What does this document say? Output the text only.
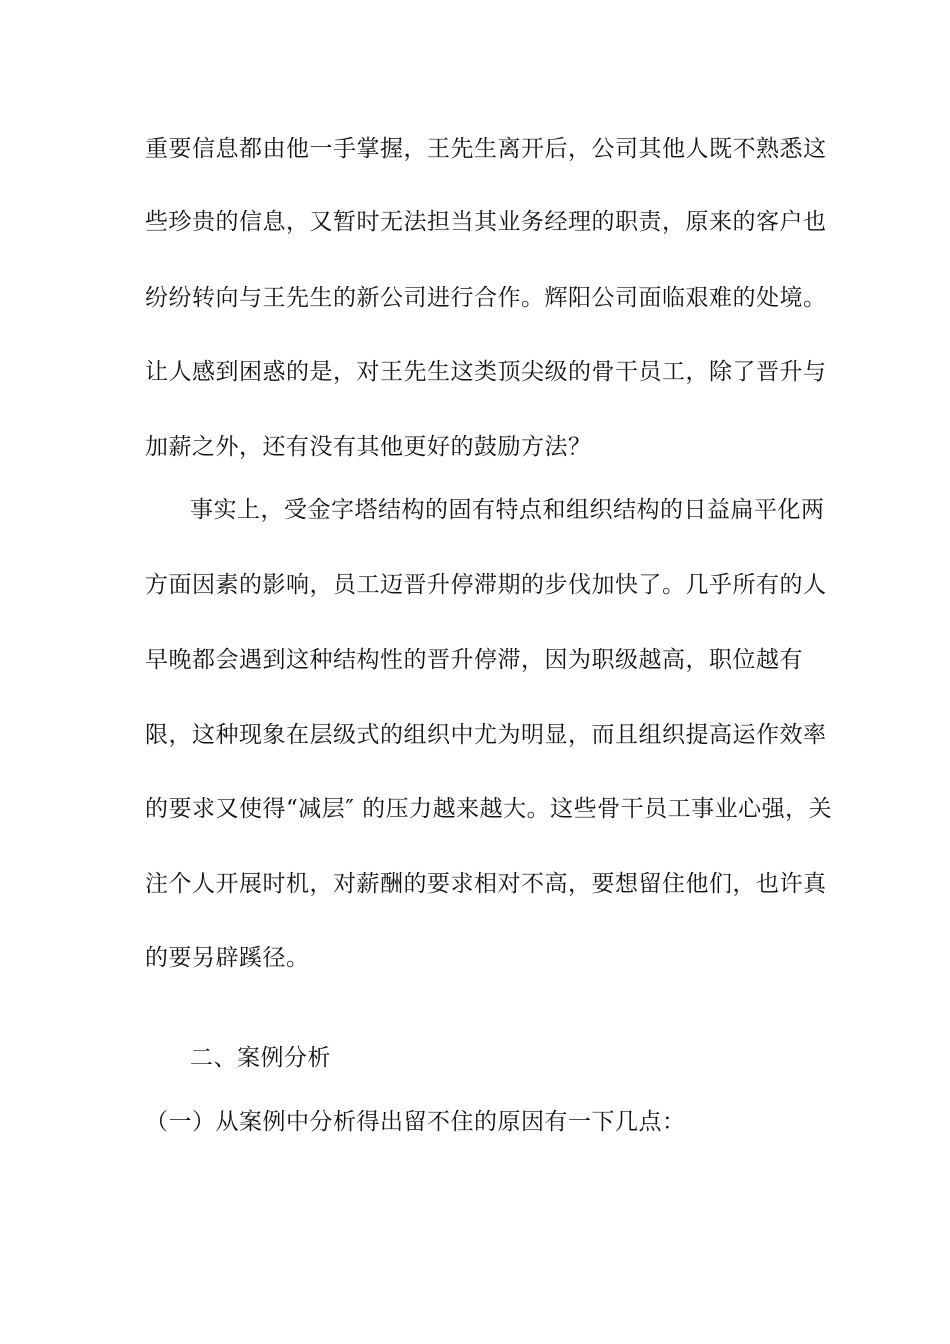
重要信息都由他一手掌握，王先生离开后，公司其他人既不熟悉这
些珍贵的信息，又暂时无法担当其业务经理的职责，原来的客户也
纷纷转向与王先生的新公司进行合作。辉阳公司面临艰难的处境。
让人感到困惑的是，对王先生这类顶尖级的骨干员工，除了晋升与
加薪之外，还有没有其他更好的鼓励方法？
事实上，受金字塔结构的固有特点和组织结构的日益扁平化两
方面因素的影响，员工迈晋升停滞期的步伐加快了。几乎所有的人
早晚都会遇到这种结构性的晋升停滞，因为职级越高，职位越有
限，这种现象在层级式的组织中尤为明显，而且组织提高运作效率
的要求又使得“减层″ 的压力越来越大。这些骨干员工事业心强，关
注个人开展时机，对薪酬的要求相对不高，要想留住他们，也许真
的要另辟蹊径。
二、案例分析
（一）从案例中分析得出留不住的原因有一下几点：
